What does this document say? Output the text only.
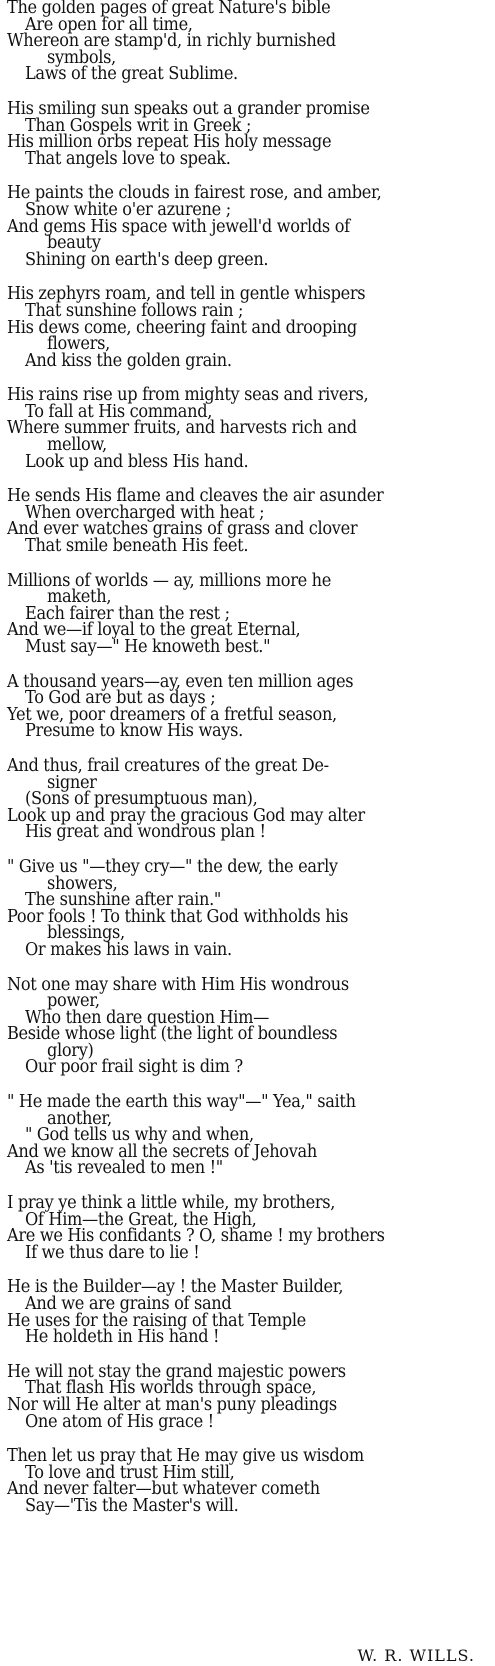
The golden pages of great Nature's bible
Are open for all time,
Whereon are stamp'd, in richly burnished
symbols,
Laws of the great Sublime.
His smiling sun speaks out a grander promise
Than Gospels writ in Greek ;
His million orbs repeat His holy message
That angels love to speak.
He paints the clouds in fairest rose, and amber,
Snow white o'er azurene ;
And gems His space with jewell'd worlds of
beauty
Shining on earth's deep green.
His zephyrs roam, and tell in gentle whispers
That sunshine follows rain ;
His dews come, cheering faint and drooping
flowers,
And kiss the golden grain.
His rains rise up from mighty seas and rivers,
To fall at His command,
Where summer fruits, and harvests rich and
mellow,
Look up and bless His hand.
He sends His flame and cleaves the air asunder
When overcharged with heat ;
And ever watches grains of grass and clover
That smile beneath His feet.
Millions of worlds — ay, millions more he
maketh,
Each fairer than the rest ;
And we—if loyal to the great Eternal,
Must say—" He knoweth best."
A thousand years—ay, even ten million ages
To God are but as days ;
Yet we, poor dreamers of a fretful season,
Presume to know His ways.
And thus, frail creatures of the great De-
signer
(Sons of presumptuous man),
Look up and pray the gracious God may alter
His great and wondrous plan !
" Give us "—they cry—" the dew, the early
showers,
The sunshine after rain."
Poor fools ! To think that God withholds his
blessings,
Or makes his laws in vain.
Not one may share with Him His wondrous
power,
Who then dare question Him—
Beside whose light (the light of boundless
glory)
Our poor frail sight is dim ?
" He made the earth this way"—" Yea," saith
another,
" God tells us why and when,
And we know all the secrets of Jehovah
As 'tis revealed to men !"
I pray ye think a little while, my brothers,
Of Him—the Great, the High,
Are we His confidants ? O, shame ! my brothers
If we thus dare to lie !
He is the Builder—ay ! the Master Builder,
And we are grains of sand
He uses for the raising of that Temple
He holdeth in His hand !
He will not stay the grand majestic powers
That flash His worlds through space,
Nor will He alter at man's puny pleadings
One atom of His grace !
Then let us pray that He may give us wisdom
To love and trust Him still,
And never falter—but whatever cometh
Say—'Tis the Master's will.
W. R. WILLS.
